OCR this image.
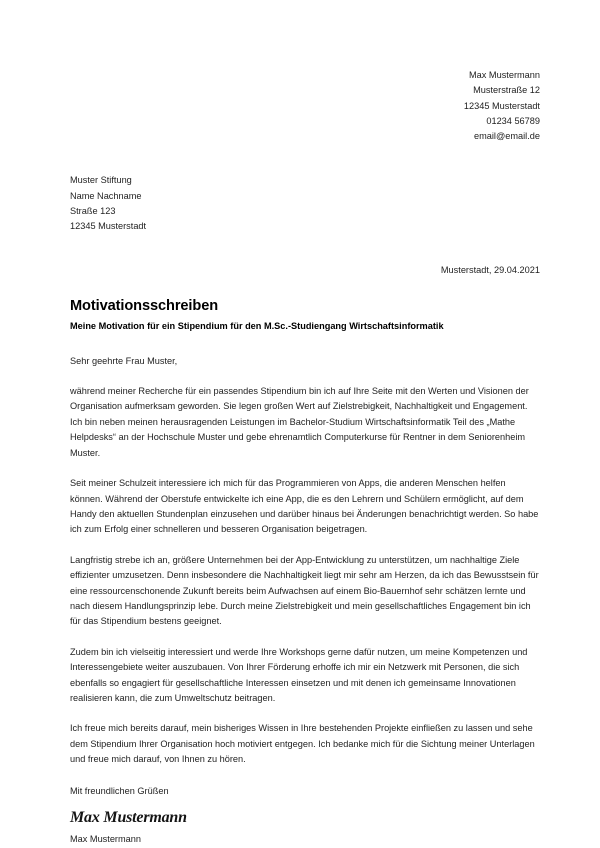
Max Mustermann
Musterstraße 12
12345 Musterstadt
01234 56789
email@email.de
Muster Stiftung
Name Nachname
Straße 123
12345 Musterstadt
Musterstadt, 29.04.2021
Motivationsschreiben
Meine Motivation für ein Stipendium für den M.Sc.-Studiengang Wirtschaftsinformatik
Sehr geehrte Frau Muster,
während meiner Recherche für ein passendes Stipendium bin ich auf Ihre Seite mit den Werten und Visionen der Organisation aufmerksam geworden. Sie legen großen Wert auf Zielstrebigkeit, Nachhaltigkeit und Engagement. Ich bin neben meinen herausragenden Leistungen im Bachelor-Studium Wirtschaftsinformatik Teil des „Mathe Helpdesks“ an der Hochschule Muster und gebe ehrenamtlich Computerkurse für Rentner in dem Seniorenheim Muster.
Seit meiner Schulzeit interessiere ich mich für das Programmieren von Apps, die anderen Menschen helfen können. Während der Oberstufe entwickelte ich eine App, die es den Lehrern und Schülern ermöglicht, auf dem Handy den aktuellen Stundenplan einzusehen und darüber hinaus bei Änderungen benachrichtigt werden. So habe ich zum Erfolg einer schnelleren und besseren Organisation beigetragen.
Langfristig strebe ich an, größere Unternehmen bei der App-Entwicklung zu unterstützen, um nachhaltige Ziele effizienter umzusetzen. Denn insbesondere die Nachhaltigkeit liegt mir sehr am Herzen, da ich das Bewusstsein für eine ressourcenschonende Zukunft bereits beim Aufwachsen auf einem Bio-Bauernhof sehr schätzen lernte und nach diesem Handlungsprinzip lebe. Durch meine Zielstrebigkeit und mein gesellschaftliches Engagement bin ich für das Stipendium bestens geeignet.
Zudem bin ich vielseitig interessiert und werde Ihre Workshops gerne dafür nutzen, um meine Kompetenzen und Interessengebiete weiter auszubauen. Von Ihrer Förderung erhoffe ich mir ein Netzwerk mit Personen, die sich ebenfalls so engagiert für gesellschaftliche Interessen einsetzen und mit denen ich gemeinsame Innovationen realisieren kann, die zum Umweltschutz beitragen.
Ich freue mich bereits darauf, mein bisheriges Wissen in Ihre bestehenden Projekte einfließen zu lassen und sehe dem Stipendium Ihrer Organisation hoch motiviert entgegen. Ich bedanke mich für die Sichtung meiner Unterlagen und freue mich darauf, von Ihnen zu hören.
Mit freundlichen Grüßen
Max Mustermann
Max Mustermann
